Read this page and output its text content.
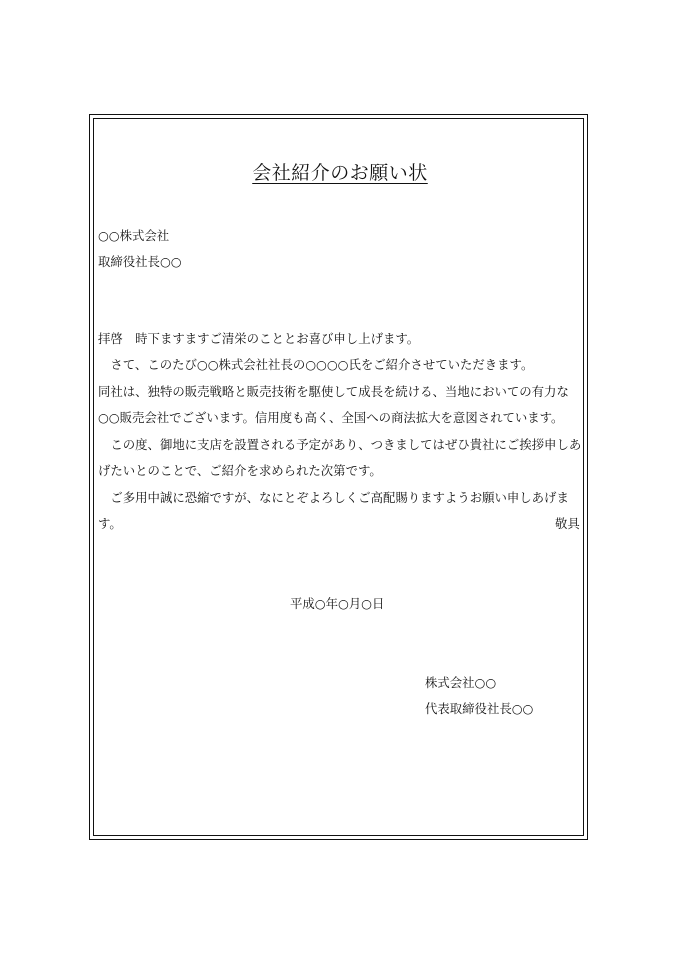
会社紹介のお願い状
○○株式会社
取締役社長○○
拝啓　時下ますますご清栄のこととお喜び申し上げます。
　さて、このたび○○株式会社社長の○○○○氏をご紹介させていただきます。
同社は、独特の販売戦略と販売技術を駆使して成長を続ける、当地においての有力な
○○販売会社でございます。信用度も高く、全国への商法拡大を意図されています。
　この度、御地に支店を設置される予定があり、つきましてはぜひ貴社にご挨拶申しあ
げたいとのことで、ご紹介を求められた次第です。
　ご多用中誠に恐縮ですが、なにとぞよろしくご高配賜りますようお願い申しあげま
す。	敬具
平成○年○月○日
株式会社○○
代表取締役社長○○
